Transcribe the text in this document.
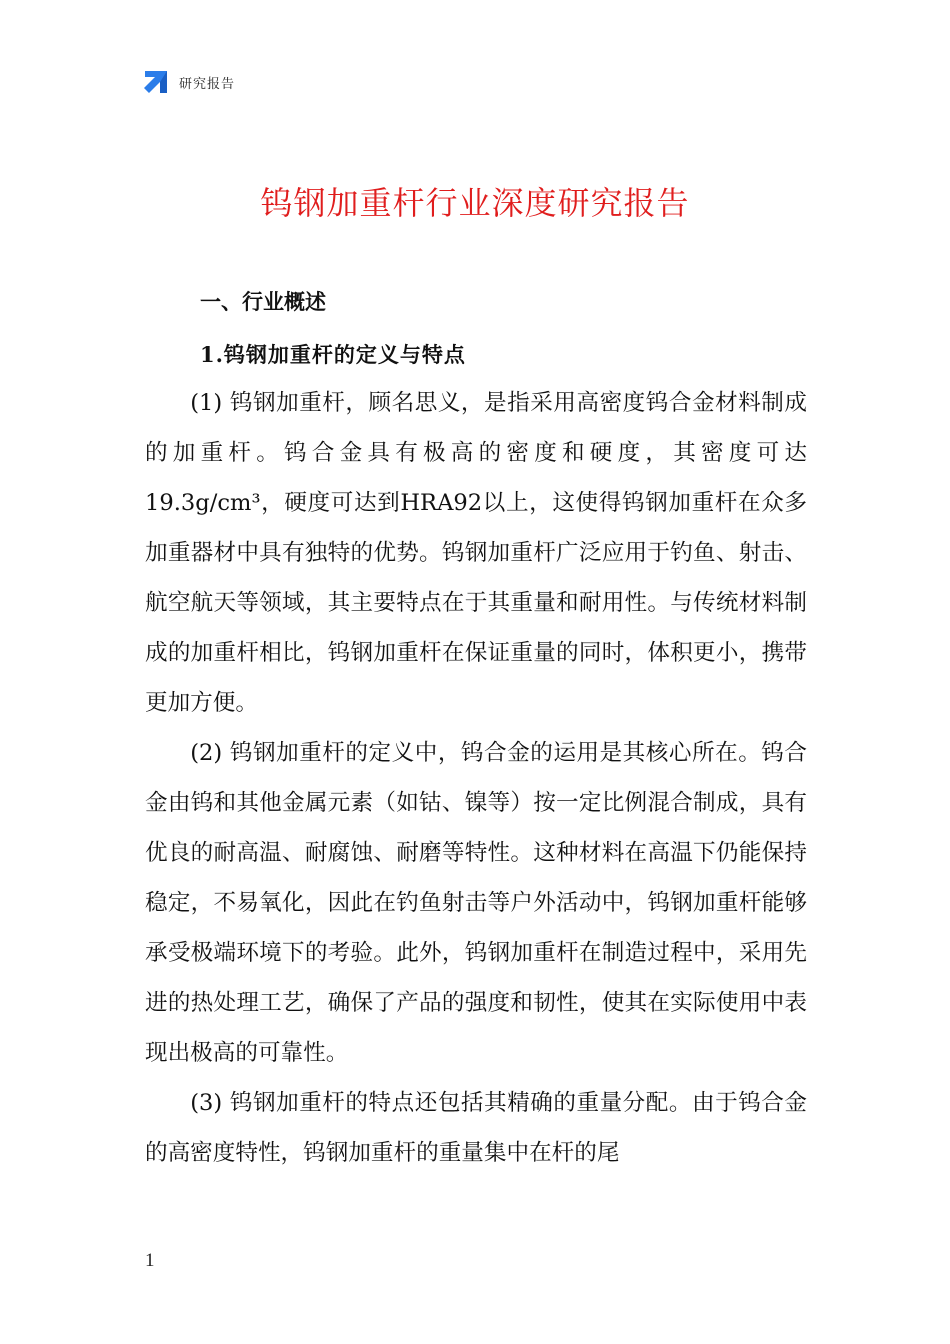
研究报告
钨钢加重杆行业深度研究报告
一、行业概述
1.钨钢加重杆的定义与特点

(1) 钨钢加重杆，顾名思义，是指采用高密度钨合金材料制成的加重杆。钨合金具有极高的密度和硬度，其密度可达19.3g/cm³，硬度可达到HRA92以上，这使得钨钢加重杆在众多加重器材中具有独特的优势。钨钢加重杆广泛应用于钓鱼、射击、航空航天等领域，其主要特点在于其重量和耐用性。与传统材料制成的加重杆相比，钨钢加重杆在保证重量的同时，体积更小，携带更加方便。

(2) 钨钢加重杆的定义中，钨合金的运用是其核心所在。钨合金由钨和其他金属元素（如钴、镍等）按一定比例混合制成，具有优良的耐高温、耐腐蚀、耐磨等特性。这种材料在高温下仍能保持稳定，不易氧化，因此在钓鱼射击等户外活动中，钨钢加重杆能够承受极端环境下的考验。此外，钨钢加重杆在制造过程中，采用先进的热处理工艺，确保了产品的强度和韧性，使其在实际使用中表现出极高的可靠性。

(3) 钨钢加重杆的特点还包括其精确的重量分配。由于钨合金的高密度特性，钨钢加重杆的重量集中在杆的尾

1
